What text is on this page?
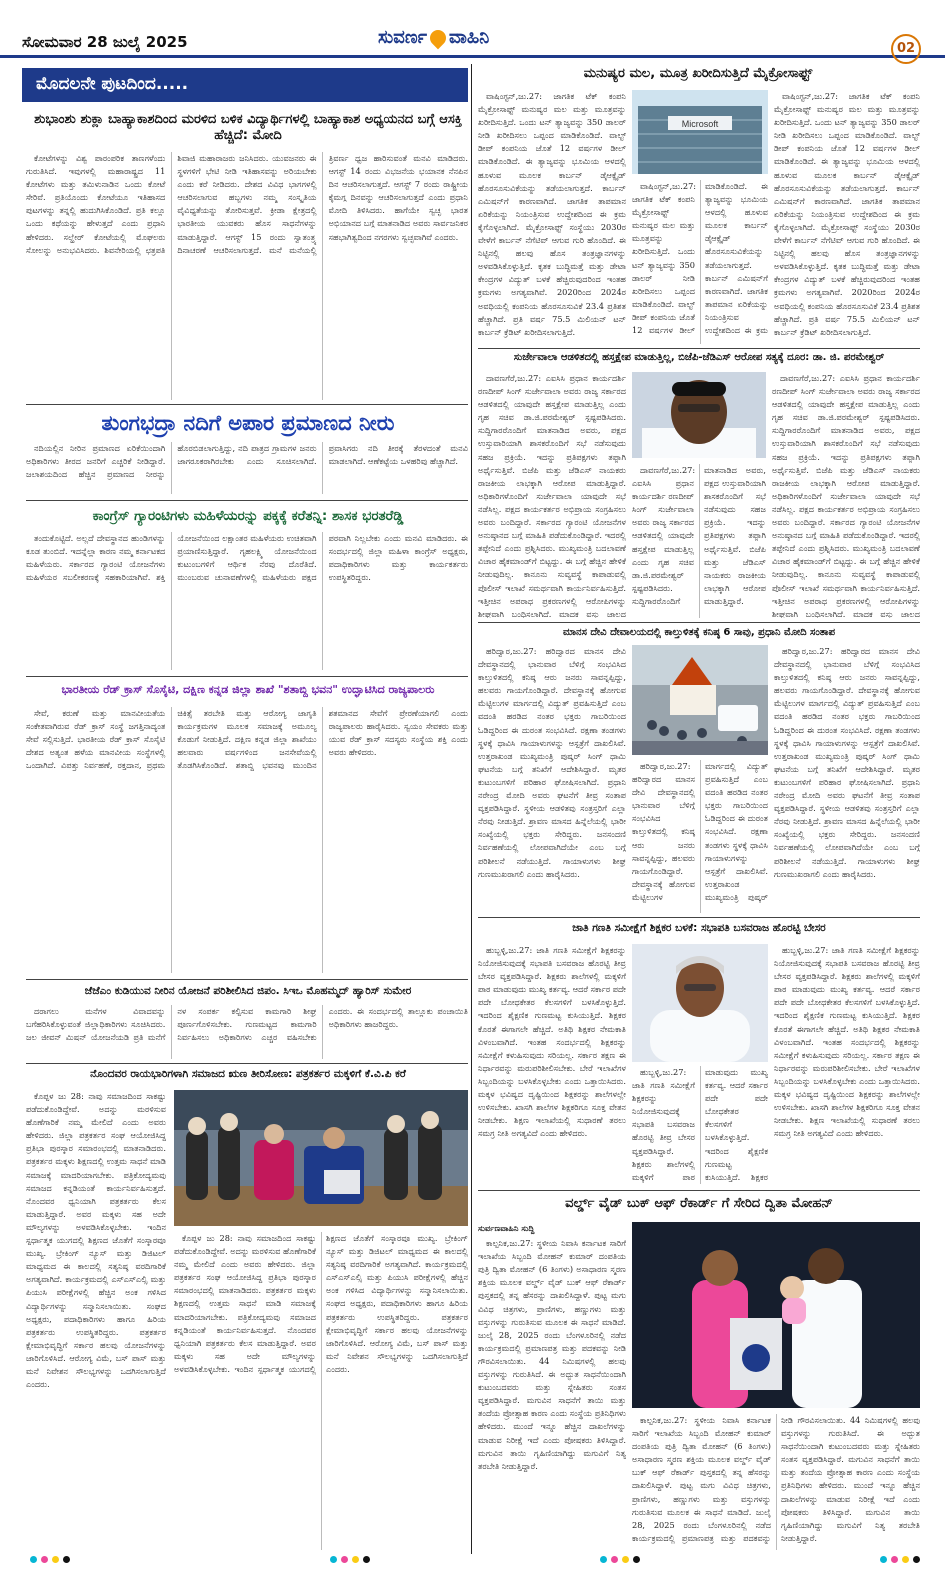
ಸೋಮವಾರ 28 ಜುಲೈ 2025	ಸುವರ್ಣ ವಾಹಿನಿ
02
ಮೊದಲನೇ ಪುಟದಿಂದ.....
ಶುಭಾಂಶು ಶುಕ್ಲಾ ಬಾಹ್ಯಾಕಾಶದಿಂದ ಮರಳಿದ ಬಳಿಕ ವಿದ್ಯಾರ್ಥಿಗಳಲ್ಲಿ ಬಾಹ್ಯಾಕಾಶ ಅಧ್ಯಯನದ ಬಗ್ಗೆ ಆಸಕ್ತಿ ಹೆಚ್ಚಿದೆ: ಮೋದಿ

ಕೋಟೆಗಳನ್ನು ವಿಶ್ವ ಪಾರಂಪರಿಕ ತಾಣಗಳೆಂದು ಗುರುತಿಸಿದೆ. ಇವುಗಳಲ್ಲಿ ಮಹಾರಾಷ್ಟ್ರದ 11 ಕೋಟೆಗಳು ಮತ್ತು ತಮಿಳುನಾಡಿನ ಒಂದು ಕೋಟೆ ಸೇರಿವೆ. ಪ್ರತಿಯೊಂದು ಕೋಟೆಯೂ ಇತಿಹಾಸದ ಪುಟಗಳನ್ನು ತನ್ನಲ್ಲಿ ಹುದುಗಿಸಿಕೊಂಡಿದೆ. ಪ್ರತಿ ಕಲ್ಲೂ ಒಂದು ಕಥೆಯನ್ನು ಹೇಳುತ್ತದೆ ಎಂದು ಪ್ರಧಾನಿ ಹೇಳಿದರು. ಸಲ್ಹೇರ್ ಕೋಟೆಯಲ್ಲಿ ಮೊಘಲರು ಸೋಲನ್ನು ಅನುಭವಿಸಿದರು. ಶಿವನೇರಿಯಲ್ಲಿ ಛತ್ರಪತಿ ಶಿವಾಜಿ ಮಹಾರಾಜರು ಜನಿಸಿದರು. ಯುವಜನರು ಈ ಸ್ಥಳಗಳಿಗೆ ಭೇಟಿ ನೀಡಿ ಇತಿಹಾಸವನ್ನು ಅರಿಯಬೇಕು ಎಂದು ಕರೆ ನೀಡಿದರು. ದೇಶದ ವಿವಿಧ ಭಾಗಗಳಲ್ಲಿ ಆಚರಿಸಲಾಗುವ ಹಬ್ಬಗಳು ನಮ್ಮ ಸಂಸ್ಕೃತಿಯ ವೈವಿಧ್ಯತೆಯನ್ನು ತೋರಿಸುತ್ತವೆ. ಕ್ರೀಡಾ ಕ್ಷೇತ್ರದಲ್ಲಿ ಭಾರತೀಯ ಯುವಕರು ಹೊಸ ಸಾಧನೆಗಳನ್ನು ಮಾಡುತ್ತಿದ್ದಾರೆ. ಆಗಸ್ಟ್ 15 ರಂದು ಸ್ವಾತಂತ್ರ್ಯ ದಿನಾಚರಣೆ ಆಚರಿಸಲಾಗುತ್ತದೆ. ಮನೆ ಮನೆಯಲ್ಲಿ ತ್ರಿವರ್ಣ ಧ್ವಜ ಹಾರಿಸುವಂತೆ ಮನವಿ ಮಾಡಿದರು. ಆಗಸ್ಟ್ 14 ರಂದು ವಿಭಜನೆಯ ಭಯಾನಕ ನೆನಪಿನ ದಿನ ಆಚರಿಸಲಾಗುತ್ತದೆ. ಆಗಸ್ಟ್ 7 ರಂದು ರಾಷ್ಟ್ರೀಯ ಕೈಮಗ್ಗ ದಿನವನ್ನು ಆಚರಿಸಲಾಗುತ್ತದೆ ಎಂದು ಪ್ರಧಾನಿ ಮೋದಿ ತಿಳಿಸಿದರು. ಹಾಗೆಯೇ ಸ್ವಚ್ಛ ಭಾರತ ಅಭಿಯಾನದ ಬಗ್ಗೆ ಮಾತನಾಡಿದ ಅವರು ಸಾರ್ವಜನಿಕರ ಸಹಭಾಗಿತ್ವದಿಂದ ನಗರಗಳು ಸ್ವಚ್ಛವಾಗಿವೆ ಎಂದರು.

ತುಂಗಭದ್ರಾ ನದಿಗೆ ಅಪಾರ ಪ್ರಮಾಣದ ನೀರು

ನದಿಯಲ್ಲಿನ ನೀರಿನ ಪ್ರಮಾಣದ ಏರಿಕೆಯಿಂದಾಗಿ ಅಧಿಕಾರಿಗಳು ತೀರದ ಜನರಿಗೆ ಎಚ್ಚರಿಕೆ ನೀಡಿದ್ದಾರೆ. ಜಲಾಶಯದಿಂದ ಹೆಚ್ಚಿನ ಪ್ರಮಾಣದ ನೀರನ್ನು ಹೊರಬಿಡಲಾಗುತ್ತಿದ್ದು, ನದಿ ಪಾತ್ರದ ಗ್ರಾಮಗಳ ಜನರು ಜಾಗರೂಕರಾಗಿರಬೇಕು ಎಂದು ಸೂಚಿಸಲಾಗಿದೆ. ಪ್ರವಾಸಿಗರು ನದಿ ತೀರಕ್ಕೆ ತೆರಳದಂತೆ ಮನವಿ ಮಾಡಲಾಗಿದೆ. ಆಣೆಕಟ್ಟೆಯ ಒಳಹರಿವು ಹೆಚ್ಚಾಗಿದೆ.

ಕಾಂಗ್ರೆಸ್ ಗ್ಯಾರಂಟಿಗಳು ಮಹಿಳೆಯರನ್ನು ಪಕ್ಕಕ್ಕೆ ಕರೆತನ್ನಿ: ಶಾಸಕ ಭರತರೆಡ್ಡಿ

ತಂದುಕೊಟ್ಟಿದೆ. ಅಲ್ಲದೆ ದೇವಸ್ಥಾನದ ಹುಂಡಿಗಳನ್ನು ಕೂಡ ತುಂಬಿದೆ. ಇದನ್ನೆಲ್ಲಾ ಕಾರಣ ನಮ್ಮ ಕರ್ನಾಟಕದ ಮಹಿಳೆಯರು. ಸರ್ಕಾರದ ಗ್ಯಾರಂಟಿ ಯೋಜನೆಗಳು ಮಹಿಳೆಯರ ಸಬಲೀಕರಣಕ್ಕೆ ಸಹಕಾರಿಯಾಗಿವೆ. ಶಕ್ತಿ ಯೋಜನೆಯಿಂದ ಲಕ್ಷಾಂತರ ಮಹಿಳೆಯರು ಉಚಿತವಾಗಿ ಪ್ರಯಾಣಿಸುತ್ತಿದ್ದಾರೆ. ಗೃಹಲಕ್ಷ್ಮಿ ಯೋಜನೆಯಿಂದ ಕುಟುಂಬಗಳಿಗೆ ಆರ್ಥಿಕ ನೆರವು ದೊರೆತಿದೆ. ಮುಂಬರುವ ಚುನಾವಣೆಗಳಲ್ಲಿ ಮಹಿಳೆಯರು ಪಕ್ಷದ ಪರವಾಗಿ ನಿಲ್ಲಬೇಕು ಎಂದು ಮನವಿ ಮಾಡಿದರು. ಈ ಸಂದರ್ಭದಲ್ಲಿ ಜಿಲ್ಲಾ ಮಹಿಳಾ ಕಾಂಗ್ರೆಸ್ ಅಧ್ಯಕ್ಷರು, ಪದಾಧಿಕಾರಿಗಳು ಮತ್ತು ಕಾರ್ಯಕರ್ತರು ಉಪಸ್ಥಿತರಿದ್ದರು.

ಭಾರತೀಯ ರೆಡ್ ಕ್ರಾಸ್ ಸೊಸೈಟಿ, ದಕ್ಷಿಣ ಕನ್ನಡ ಜಿಲ್ಲಾ ಶಾಖೆ "ಶತಾಬ್ದಿ ಭವನ" ಉದ್ಘಾಟಿಸಿದ ರಾಜ್ಯಪಾಲರು

ಸೇವೆ, ಕರುಣೆ ಮತ್ತು ಮಾನವೀಯತೆಯ ಸಂಕೇತವಾಗಿರುವ ರೆಡ್ ಕ್ರಾಸ್ ಸಂಸ್ಥೆ ಜಗತ್ತಿನಾದ್ಯಂತ ಸೇವೆ ಸಲ್ಲಿಸುತ್ತಿದೆ. ಭಾರತೀಯ ರೆಡ್ ಕ್ರಾಸ್ ಸೊಸೈಟಿ ದೇಶದ ಅತ್ಯಂತ ಹಳೆಯ ಮಾನವೀಯ ಸಂಸ್ಥೆಗಳಲ್ಲಿ ಒಂದಾಗಿದೆ. ವಿಪತ್ತು ನಿರ್ವಹಣೆ, ರಕ್ತದಾನ, ಪ್ರಥಮ ಚಿಕಿತ್ಸೆ ತರಬೇತಿ ಮತ್ತು ಆರೋಗ್ಯ ಜಾಗೃತಿ ಕಾರ್ಯಕ್ರಮಗಳ ಮೂಲಕ ಸಮಾಜಕ್ಕೆ ಅಮೂಲ್ಯ ಕೊಡುಗೆ ನೀಡುತ್ತಿದೆ. ದಕ್ಷಿಣ ಕನ್ನಡ ಜಿಲ್ಲಾ ಶಾಖೆಯು ಹಲವಾರು ವರ್ಷಗಳಿಂದ ಜನಸೇವೆಯಲ್ಲಿ ತೊಡಗಿಸಿಕೊಂಡಿದೆ. ಶತಾಬ್ದಿ ಭವನವು ಮುಂದಿನ ಶತಮಾನದ ಸೇವೆಗೆ ಪ್ರೇರಣೆಯಾಗಲಿ ಎಂದು ರಾಜ್ಯಪಾಲರು ಹಾರೈಸಿದರು. ಸ್ವಯಂ ಸೇವಕರು ಮತ್ತು ಯುವ ರೆಡ್ ಕ್ರಾಸ್ ಸದಸ್ಯರು ಸಂಸ್ಥೆಯ ಶಕ್ತಿ ಎಂದು ಅವರು ಹೇಳಿದರು.

ಜೆಜೆಎಂ ಕುಡಿಯುವ ನೀರಿನ ಯೋಜನೆ ಪರಿಶೀಲಿಸಿದ ಜಿಪಂ. ಸಿಇಒ ಮೊಹಮ್ಮದ್ ಹ್ಯಾರಿಸ್ ಸುಮೇರ

ದರಾಗಲು ಮನೆಗಳ ವಿವಾದವನ್ನು ಬಗೆಹರಿಸಿಕೊಳ್ಳುವಂತೆ ಜಿಲ್ಲಾಧಿಕಾರಿಗಳು ಸೂಚಿಸಿದರು. ಜಲ ಜೀವನ್ ಮಿಷನ್ ಯೋಜನೆಯಡಿ ಪ್ರತಿ ಮನೆಗೆ ನಳ ಸಂಪರ್ಕ ಕಲ್ಪಿಸುವ ಕಾಮಗಾರಿ ಶೀಘ್ರ ಪೂರ್ಣಗೊಳಿಸಬೇಕು. ಗುಣಮಟ್ಟದ ಕಾಮಗಾರಿ ನಿರ್ವಹಿಸಲು ಅಧಿಕಾರಿಗಳು ಎಚ್ಚರ ವಹಿಸಬೇಕು ಎಂದರು. ಈ ಸಂದರ್ಭದಲ್ಲಿ ತಾಲ್ಲೂಕು ಪಂಚಾಯಿತಿ ಅಧಿಕಾರಿಗಳು ಹಾಜರಿದ್ದರು.

ನೊಂದವರ ರಾಯಭಾರಿಗಳಾಗಿ ಸಮಾಜದ ಋಣ ತೀರಿಸೋಣ: ಪತ್ರಕರ್ತರ ಮಕ್ಕಳಿಗೆ ಕೆ.ವಿ.ಪಿ ಕರೆ

ಕೊಪ್ಪಳ ಜು 28: ನಾವು ಸಮಾಜದಿಂದ ಸಾಕಷ್ಟು ಪಡೆದುಕೊಂಡಿದ್ದೇವೆ. ಅದನ್ನು ಮರಳಿಸುವ ಹೊಣೆಗಾರಿಕೆ ನಮ್ಮ ಮೇಲಿದೆ ಎಂದು ಅವರು ಹೇಳಿದರು. ಜಿಲ್ಲಾ ಪತ್ರಕರ್ತರ ಸಂಘ ಆಯೋಜಿಸಿದ್ದ ಪ್ರತಿಭಾ ಪುರಸ್ಕಾರ ಸಮಾರಂಭದಲ್ಲಿ ಮಾತನಾಡಿದರು. ಪತ್ರಕರ್ತರ ಮಕ್ಕಳು ಶಿಕ್ಷಣದಲ್ಲಿ ಉತ್ತಮ ಸಾಧನೆ ಮಾಡಿ ಸಮಾಜಕ್ಕೆ ಮಾದರಿಯಾಗಬೇಕು. ಪತ್ರಿಕೋದ್ಯಮವು ಸಮಾಜದ ಕನ್ನಡಿಯಂತೆ ಕಾರ್ಯನಿರ್ವಹಿಸುತ್ತದೆ. ನೊಂದವರ ಧ್ವನಿಯಾಗಿ ಪತ್ರಕರ್ತರು ಕೆಲಸ ಮಾಡುತ್ತಿದ್ದಾರೆ. ಅವರ ಮಕ್ಕಳು ಸಹ ಅದೇ ಮೌಲ್ಯಗಳನ್ನು ಅಳವಡಿಸಿಕೊಳ್ಳಬೇಕು. ಇಂದಿನ ಸ್ಪರ್ಧಾತ್ಮಕ ಯುಗದಲ್ಲಿ ಶಿಕ್ಷಣದ ಜೊತೆಗೆ ಸಂಸ್ಕಾರವೂ ಮುಖ್ಯ. ಬ್ರೇಕಿಂಗ್ ನ್ಯೂಸ್ ಮತ್ತು ಡಿಜಿಟಲ್ ಮಾಧ್ಯಮದ ಈ ಕಾಲದಲ್ಲಿ ಸತ್ಯನಿಷ್ಠ ವರದಿಗಾರಿಕೆ ಅಗತ್ಯವಾಗಿದೆ. ಕಾರ್ಯಕ್ರಮದಲ್ಲಿ ಎಸ್ಎಸ್ಎಲ್ಸಿ ಮತ್ತು ಪಿಯುಸಿ ಪರೀಕ್ಷೆಗಳಲ್ಲಿ ಹೆಚ್ಚಿನ ಅಂಕ ಗಳಿಸಿದ ವಿದ್ಯಾರ್ಥಿಗಳನ್ನು ಸನ್ಮಾನಿಸಲಾಯಿತು. ಸಂಘದ ಅಧ್ಯಕ್ಷರು, ಪದಾಧಿಕಾರಿಗಳು ಹಾಗೂ ಹಿರಿಯ ಪತ್ರಕರ್ತರು ಉಪಸ್ಥಿತರಿದ್ದರು. ಪತ್ರಕರ್ತರ ಕ್ಷೇಮಾಭಿವೃದ್ಧಿಗೆ ಸರ್ಕಾರ ಹಲವು ಯೋಜನೆಗಳನ್ನು ಜಾರಿಗೊಳಿಸಿದೆ. ಆರೋಗ್ಯ ವಿಮೆ, ಬಸ್ ಪಾಸ್ ಮತ್ತು ಮನೆ ನಿವೇಶನ ಸೌಲಭ್ಯಗಳನ್ನು ಒದಗಿಸಲಾಗುತ್ತಿದೆ ಎಂದರು.

ಕೊಪ್ಪಳ ಜು 28: ನಾವು ಸಮಾಜದಿಂದ ಸಾಕಷ್ಟು ಪಡೆದುಕೊಂಡಿದ್ದೇವೆ. ಅದನ್ನು ಮರಳಿಸುವ ಹೊಣೆಗಾರಿಕೆ ನಮ್ಮ ಮೇಲಿದೆ ಎಂದು ಅವರು ಹೇಳಿದರು. ಜಿಲ್ಲಾ ಪತ್ರಕರ್ತರ ಸಂಘ ಆಯೋಜಿಸಿದ್ದ ಪ್ರತಿಭಾ ಪುರಸ್ಕಾರ ಸಮಾರಂಭದಲ್ಲಿ ಮಾತನಾಡಿದರು. ಪತ್ರಕರ್ತರ ಮಕ್ಕಳು ಶಿಕ್ಷಣದಲ್ಲಿ ಉತ್ತಮ ಸಾಧನೆ ಮಾಡಿ ಸಮಾಜಕ್ಕೆ ಮಾದರಿಯಾಗಬೇಕು. ಪತ್ರಿಕೋದ್ಯಮವು ಸಮಾಜದ ಕನ್ನಡಿಯಂತೆ ಕಾರ್ಯನಿರ್ವಹಿಸುತ್ತದೆ. ನೊಂದವರ ಧ್ವನಿಯಾಗಿ ಪತ್ರಕರ್ತರು ಕೆಲಸ ಮಾಡುತ್ತಿದ್ದಾರೆ. ಅವರ ಮಕ್ಕಳು ಸಹ ಅದೇ ಮೌಲ್ಯಗಳನ್ನು ಅಳವಡಿಸಿಕೊಳ್ಳಬೇಕು. ಇಂದಿನ ಸ್ಪರ್ಧಾತ್ಮಕ ಯುಗದಲ್ಲಿ ಶಿಕ್ಷಣದ ಜೊತೆಗೆ ಸಂಸ್ಕಾರವೂ ಮುಖ್ಯ. ಬ್ರೇಕಿಂಗ್ ನ್ಯೂಸ್ ಮತ್ತು ಡಿಜಿಟಲ್ ಮಾಧ್ಯಮದ ಈ ಕಾಲದಲ್ಲಿ ಸತ್ಯನಿಷ್ಠ ವರದಿಗಾರಿಕೆ ಅಗತ್ಯವಾಗಿದೆ. ಕಾರ್ಯಕ್ರಮದಲ್ಲಿ ಎಸ್ಎಸ್ಎಲ್ಸಿ ಮತ್ತು ಪಿಯುಸಿ ಪರೀಕ್ಷೆಗಳಲ್ಲಿ ಹೆಚ್ಚಿನ ಅಂಕ ಗಳಿಸಿದ ವಿದ್ಯಾರ್ಥಿಗಳನ್ನು ಸನ್ಮಾನಿಸಲಾಯಿತು. ಸಂಘದ ಅಧ್ಯಕ್ಷರು, ಪದಾಧಿಕಾರಿಗಳು ಹಾಗೂ ಹಿರಿಯ ಪತ್ರಕರ್ತರು ಉಪಸ್ಥಿತರಿದ್ದರು. ಪತ್ರಕರ್ತರ ಕ್ಷೇಮಾಭಿವೃದ್ಧಿಗೆ ಸರ್ಕಾರ ಹಲವು ಯೋಜನೆಗಳನ್ನು ಜಾರಿಗೊಳಿಸಿದೆ. ಆರೋಗ್ಯ ವಿಮೆ, ಬಸ್ ಪಾಸ್ ಮತ್ತು ಮನೆ ನಿವೇಶನ ಸೌಲಭ್ಯಗಳನ್ನು ಒದಗಿಸಲಾಗುತ್ತಿದೆ ಎಂದರು.

ಮನುಷ್ಯರ ಮಲ, ಮೂತ್ರ ಖರೀದಿಸುತ್ತಿದೆ ಮೈಕ್ರೋಸಾಫ್ಟ್

ವಾಷಿಂಗ್ಟನ್,ಜು.27: ಜಾಗತಿಕ ಟೆಕ್ ಕಂಪನಿ ಮೈಕ್ರೋಸಾಫ್ಟ್ ಮನುಷ್ಯರ ಮಲ ಮತ್ತು ಮೂತ್ರವನ್ನು ಖರೀದಿಸುತ್ತಿದೆ. ಒಂದು ಟನ್ ತ್ಯಾಜ್ಯವನ್ನು 350 ಡಾಲರ್ ನೀಡಿ ಖರೀದಿಸಲು ಒಪ್ಪಂದ ಮಾಡಿಕೊಂಡಿದೆ. ವಾಲ್ಟ್ ಡೀಪ್ ಕಂಪನಿಯ ಜೊತೆ 12 ವರ್ಷಗಳ ಡೀಲ್ ಮಾಡಿಕೊಂಡಿದೆ. ಈ ತ್ಯಾಜ್ಯವನ್ನು ಭೂಮಿಯ ಆಳದಲ್ಲಿ ಹೂಳುವ ಮೂಲಕ ಕಾರ್ಬನ್ ಡೈಆಕ್ಸೈಡ್ ಹೊರಸೂಸುವಿಕೆಯನ್ನು ತಡೆಯಲಾಗುತ್ತದೆ. ಕಾರ್ಬನ್ ಎಮಿಷನ್‌ಗೆ ಕಾರಣವಾಗಿದೆ. ಜಾಗತಿಕ ತಾಪಮಾನ ಏರಿಕೆಯನ್ನು ನಿಯಂತ್ರಿಸುವ ಉದ್ದೇಶದಿಂದ ಈ ಕ್ರಮ ಕೈಗೊಳ್ಳಲಾಗಿದೆ. ಮೈಕ್ರೋಸಾಫ್ಟ್ ಸಂಸ್ಥೆಯು 2030ರ ವೇಳೆಗೆ ಕಾರ್ಬನ್ ನೆಗೆಟಿವ್ ಆಗುವ ಗುರಿ ಹೊಂದಿದೆ. ಈ ನಿಟ್ಟಿನಲ್ಲಿ ಹಲವು ಹೊಸ ತಂತ್ರಜ್ಞಾನಗಳನ್ನು ಅಳವಡಿಸಿಕೊಳ್ಳುತ್ತಿದೆ. ಕೃತಕ ಬುದ್ಧಿಮತ್ತೆ ಮತ್ತು ಡೇಟಾ ಕೇಂದ್ರಗಳ ವಿದ್ಯುತ್ ಬಳಕೆ ಹೆಚ್ಚಿರುವುದರಿಂದ ಇಂತಹ ಕ್ರಮಗಳು ಅಗತ್ಯವಾಗಿವೆ. 2020ರಿಂದ 2024ರ ಅವಧಿಯಲ್ಲಿ ಕಂಪನಿಯ ಹೊರಸೂಸುವಿಕೆ 23.4 ಪ್ರತಿಶತ ಹೆಚ್ಚಾಗಿದೆ. ಪ್ರತಿ ವರ್ಷ 75.5 ಮಿಲಿಯನ್ ಟನ್ ಕಾರ್ಬನ್ ಕ್ರೆಡಿಟ್ ಖರೀದಿಸಲಾಗುತ್ತಿದೆ.

Microsoft

ವಾಷಿಂಗ್ಟನ್,ಜು.27: ಜಾಗತಿಕ ಟೆಕ್ ಕಂಪನಿ ಮೈಕ್ರೋಸಾಫ್ಟ್ ಮನುಷ್ಯರ ಮಲ ಮತ್ತು ಮೂತ್ರವನ್ನು ಖರೀದಿಸುತ್ತಿದೆ. ಒಂದು ಟನ್ ತ್ಯಾಜ್ಯವನ್ನು 350 ಡಾಲರ್ ನೀಡಿ ಖರೀದಿಸಲು ಒಪ್ಪಂದ ಮಾಡಿಕೊಂಡಿದೆ. ವಾಲ್ಟ್ ಡೀಪ್ ಕಂಪನಿಯ ಜೊತೆ 12 ವರ್ಷಗಳ ಡೀಲ್ ಮಾಡಿಕೊಂಡಿದೆ. ಈ ತ್ಯಾಜ್ಯವನ್ನು ಭೂಮಿಯ ಆಳದಲ್ಲಿ ಹೂಳುವ ಮೂಲಕ ಕಾರ್ಬನ್ ಡೈಆಕ್ಸೈಡ್ ಹೊರಸೂಸುವಿಕೆಯನ್ನು ತಡೆಯಲಾಗುತ್ತದೆ. ಕಾರ್ಬನ್ ಎಮಿಷನ್‌ಗೆ ಕಾರಣವಾಗಿದೆ. ಜಾಗತಿಕ ತಾಪಮಾನ ಏರಿಕೆಯನ್ನು ನಿಯಂತ್ರಿಸುವ ಉದ್ದೇಶದಿಂದ ಈ ಕ್ರಮ

ವಾಷಿಂಗ್ಟನ್,ಜು.27: ಜಾಗತಿಕ ಟೆಕ್ ಕಂಪನಿ ಮೈಕ್ರೋಸಾಫ್ಟ್ ಮನುಷ್ಯರ ಮಲ ಮತ್ತು ಮೂತ್ರವನ್ನು ಖರೀದಿಸುತ್ತಿದೆ. ಒಂದು ಟನ್ ತ್ಯಾಜ್ಯವನ್ನು 350 ಡಾಲರ್ ನೀಡಿ ಖರೀದಿಸಲು ಒಪ್ಪಂದ ಮಾಡಿಕೊಂಡಿದೆ. ವಾಲ್ಟ್ ಡೀಪ್ ಕಂಪನಿಯ ಜೊತೆ 12 ವರ್ಷಗಳ ಡೀಲ್ ಮಾಡಿಕೊಂಡಿದೆ. ಈ ತ್ಯಾಜ್ಯವನ್ನು ಭೂಮಿಯ ಆಳದಲ್ಲಿ ಹೂಳುವ ಮೂಲಕ ಕಾರ್ಬನ್ ಡೈಆಕ್ಸೈಡ್ ಹೊರಸೂಸುವಿಕೆಯನ್ನು ತಡೆಯಲಾಗುತ್ತದೆ. ಕಾರ್ಬನ್ ಎಮಿಷನ್‌ಗೆ ಕಾರಣವಾಗಿದೆ. ಜಾಗತಿಕ ತಾಪಮಾನ ಏರಿಕೆಯನ್ನು ನಿಯಂತ್ರಿಸುವ ಉದ್ದೇಶದಿಂದ ಈ ಕ್ರಮ ಕೈಗೊಳ್ಳಲಾಗಿದೆ. ಮೈಕ್ರೋಸಾಫ್ಟ್ ಸಂಸ್ಥೆಯು 2030ರ ವೇಳೆಗೆ ಕಾರ್ಬನ್ ನೆಗೆಟಿವ್ ಆಗುವ ಗುರಿ ಹೊಂದಿದೆ. ಈ ನಿಟ್ಟಿನಲ್ಲಿ ಹಲವು ಹೊಸ ತಂತ್ರಜ್ಞಾನಗಳನ್ನು ಅಳವಡಿಸಿಕೊಳ್ಳುತ್ತಿದೆ. ಕೃತಕ ಬುದ್ಧಿಮತ್ತೆ ಮತ್ತು ಡೇಟಾ ಕೇಂದ್ರಗಳ ವಿದ್ಯುತ್ ಬಳಕೆ ಹೆಚ್ಚಿರುವುದರಿಂದ ಇಂತಹ ಕ್ರಮಗಳು ಅಗತ್ಯವಾಗಿವೆ. 2020ರಿಂದ 2024ರ ಅವಧಿಯಲ್ಲಿ ಕಂಪನಿಯ ಹೊರಸೂಸುವಿಕೆ 23.4 ಪ್ರತಿಶತ ಹೆಚ್ಚಾಗಿದೆ. ಪ್ರತಿ ವರ್ಷ 75.5 ಮಿಲಿಯನ್ ಟನ್ ಕಾರ್ಬನ್ ಕ್ರೆಡಿಟ್ ಖರೀದಿಸಲಾಗುತ್ತಿದೆ.

ಸುರ್ಜೇವಾಲಾ ಆಡಳಿತದಲ್ಲಿ ಹಸ್ತಕ್ಷೇಪ ಮಾಡುತ್ತಿಲ್ಲ, ಬಿಜೆಪಿ-ಜೆಡಿಎಸ್ ಆರೋಪ ಸತ್ಯಕ್ಕೆ ದೂರ: ಡಾ. ಜಿ. ಪರಮೇಶ್ವರ್

ದಾವಣಗೆರೆ,ಜು.27: ಎಐಸಿಸಿ ಪ್ರಧಾನ ಕಾರ್ಯದರ್ಶಿ ರಣದೀಪ್ ಸಿಂಗ್ ಸುರ್ಜೇವಾಲಾ ಅವರು ರಾಜ್ಯ ಸರ್ಕಾರದ ಆಡಳಿತದಲ್ಲಿ ಯಾವುದೇ ಹಸ್ತಕ್ಷೇಪ ಮಾಡುತ್ತಿಲ್ಲ ಎಂದು ಗೃಹ ಸಚಿವ ಡಾ.ಜಿ.ಪರಮೇಶ್ವರ್ ಸ್ಪಷ್ಟಪಡಿಸಿದರು. ಸುದ್ದಿಗಾರರೊಂದಿಗೆ ಮಾತನಾಡಿದ ಅವರು, ಪಕ್ಷದ ಉಸ್ತುವಾರಿಯಾಗಿ ಶಾಸಕರೊಂದಿಗೆ ಸಭೆ ನಡೆಸುವುದು ಸಹಜ ಪ್ರಕ್ರಿಯೆ. ಇದನ್ನು ಪ್ರತಿಪಕ್ಷಗಳು ತಪ್ಪಾಗಿ ಅರ್ಥೈಸುತ್ತಿವೆ. ಬಿಜೆಪಿ ಮತ್ತು ಜೆಡಿಎಸ್ ನಾಯಕರು ರಾಜಕೀಯ ಲಾಭಕ್ಕಾಗಿ ಆರೋಪ ಮಾಡುತ್ತಿದ್ದಾರೆ. ಅಧಿಕಾರಿಗಳೊಂದಿಗೆ ಸುರ್ಜೇವಾಲಾ ಯಾವುದೇ ಸಭೆ ನಡೆಸಿಲ್ಲ. ಪಕ್ಷದ ಕಾರ್ಯಕರ್ತರ ಅಭಿಪ್ರಾಯ ಸಂಗ್ರಹಿಸಲು ಅವರು ಬಂದಿದ್ದಾರೆ. ಸರ್ಕಾರದ ಗ್ಯಾರಂಟಿ ಯೋಜನೆಗಳ ಅನುಷ್ಠಾನದ ಬಗ್ಗೆ ಮಾಹಿತಿ ಪಡೆದುಕೊಂಡಿದ್ದಾರೆ. ಇದರಲ್ಲಿ ತಪ್ಪೇನಿದೆ ಎಂದು ಪ್ರಶ್ನಿಸಿದರು. ಮುಖ್ಯಮಂತ್ರಿ ಬದಲಾವಣೆ ವಿಚಾರ ಹೈಕಮಾಂಡ್‌ಗೆ ಬಿಟ್ಟದ್ದು. ಈ ಬಗ್ಗೆ ಹೆಚ್ಚಿನ ಹೇಳಿಕೆ ನೀಡುವುದಿಲ್ಲ. ಕಾನೂನು ಸುವ್ಯವಸ್ಥೆ ಕಾಪಾಡುವಲ್ಲಿ ಪೊಲೀಸ್ ಇಲಾಖೆ ಸಮರ್ಥವಾಗಿ ಕಾರ್ಯನಿರ್ವಹಿಸುತ್ತಿದೆ. ಇತ್ತೀಚಿನ ಅಪರಾಧ ಪ್ರಕರಣಗಳಲ್ಲಿ ಆರೋಪಿಗಳನ್ನು ಶೀಘ್ರವಾಗಿ ಬಂಧಿಸಲಾಗಿದೆ. ಮಾದಕ ವಸ್ತು ಜಾಲದ

ದಾವಣಗೆರೆ,ಜು.27: ಎಐಸಿಸಿ ಪ್ರಧಾನ ಕಾರ್ಯದರ್ಶಿ ರಣದೀಪ್ ಸಿಂಗ್ ಸುರ್ಜೇವಾಲಾ ಅವರು ರಾಜ್ಯ ಸರ್ಕಾರದ ಆಡಳಿತದಲ್ಲಿ ಯಾವುದೇ ಹಸ್ತಕ್ಷೇಪ ಮಾಡುತ್ತಿಲ್ಲ ಎಂದು ಗೃಹ ಸಚಿವ ಡಾ.ಜಿ.ಪರಮೇಶ್ವರ್ ಸ್ಪಷ್ಟಪಡಿಸಿದರು. ಸುದ್ದಿಗಾರರೊಂದಿಗೆ ಮಾತನಾಡಿದ ಅವರು, ಪಕ್ಷದ ಉಸ್ತುವಾರಿಯಾಗಿ ಶಾಸಕರೊಂದಿಗೆ ಸಭೆ ನಡೆಸುವುದು ಸಹಜ ಪ್ರಕ್ರಿಯೆ. ಇದನ್ನು ಪ್ರತಿಪಕ್ಷಗಳು ತಪ್ಪಾಗಿ ಅರ್ಥೈಸುತ್ತಿವೆ. ಬಿಜೆಪಿ ಮತ್ತು ಜೆಡಿಎಸ್ ನಾಯಕರು ರಾಜಕೀಯ ಲಾಭಕ್ಕಾಗಿ ಆರೋಪ ಮಾಡುತ್ತಿದ್ದಾರೆ.

ದಾವಣಗೆರೆ,ಜು.27: ಎಐಸಿಸಿ ಪ್ರಧಾನ ಕಾರ್ಯದರ್ಶಿ ರಣದೀಪ್ ಸಿಂಗ್ ಸುರ್ಜೇವಾಲಾ ಅವರು ರಾಜ್ಯ ಸರ್ಕಾರದ ಆಡಳಿತದಲ್ಲಿ ಯಾವುದೇ ಹಸ್ತಕ್ಷೇಪ ಮಾಡುತ್ತಿಲ್ಲ ಎಂದು ಗೃಹ ಸಚಿವ ಡಾ.ಜಿ.ಪರಮೇಶ್ವರ್ ಸ್ಪಷ್ಟಪಡಿಸಿದರು. ಸುದ್ದಿಗಾರರೊಂದಿಗೆ ಮಾತನಾಡಿದ ಅವರು, ಪಕ್ಷದ ಉಸ್ತುವಾರಿಯಾಗಿ ಶಾಸಕರೊಂದಿಗೆ ಸಭೆ ನಡೆಸುವುದು ಸಹಜ ಪ್ರಕ್ರಿಯೆ. ಇದನ್ನು ಪ್ರತಿಪಕ್ಷಗಳು ತಪ್ಪಾಗಿ ಅರ್ಥೈಸುತ್ತಿವೆ. ಬಿಜೆಪಿ ಮತ್ತು ಜೆಡಿಎಸ್ ನಾಯಕರು ರಾಜಕೀಯ ಲಾಭಕ್ಕಾಗಿ ಆರೋಪ ಮಾಡುತ್ತಿದ್ದಾರೆ. ಅಧಿಕಾರಿಗಳೊಂದಿಗೆ ಸುರ್ಜೇವಾಲಾ ಯಾವುದೇ ಸಭೆ ನಡೆಸಿಲ್ಲ. ಪಕ್ಷದ ಕಾರ್ಯಕರ್ತರ ಅಭಿಪ್ರಾಯ ಸಂಗ್ರಹಿಸಲು ಅವರು ಬಂದಿದ್ದಾರೆ. ಸರ್ಕಾರದ ಗ್ಯಾರಂಟಿ ಯೋಜನೆಗಳ ಅನುಷ್ಠಾನದ ಬಗ್ಗೆ ಮಾಹಿತಿ ಪಡೆದುಕೊಂಡಿದ್ದಾರೆ. ಇದರಲ್ಲಿ ತಪ್ಪೇನಿದೆ ಎಂದು ಪ್ರಶ್ನಿಸಿದರು. ಮುಖ್ಯಮಂತ್ರಿ ಬದಲಾವಣೆ ವಿಚಾರ ಹೈಕಮಾಂಡ್‌ಗೆ ಬಿಟ್ಟದ್ದು. ಈ ಬಗ್ಗೆ ಹೆಚ್ಚಿನ ಹೇಳಿಕೆ ನೀಡುವುದಿಲ್ಲ. ಕಾನೂನು ಸುವ್ಯವಸ್ಥೆ ಕಾಪಾಡುವಲ್ಲಿ ಪೊಲೀಸ್ ಇಲಾಖೆ ಸಮರ್ಥವಾಗಿ ಕಾರ್ಯನಿರ್ವಹಿಸುತ್ತಿದೆ. ಇತ್ತೀಚಿನ ಅಪರಾಧ ಪ್ರಕರಣಗಳಲ್ಲಿ ಆರೋಪಿಗಳನ್ನು ಶೀಘ್ರವಾಗಿ ಬಂಧಿಸಲಾಗಿದೆ. ಮಾದಕ ವಸ್ತು ಜಾಲದ

ಮಾನಸ ದೇವಿ ದೇವಾಲಯದಲ್ಲಿ ಕಾಲ್ತುಳಿತಕ್ಕೆ ಕನಿಷ್ಠ 6 ಸಾವು, ಪ್ರಧಾನಿ ಮೋದಿ ಸಂತಾಪ

ಹರಿದ್ವಾರ,ಜು.27: ಹರಿದ್ವಾರದ ಮಾನಸ ದೇವಿ ದೇವಸ್ಥಾನದಲ್ಲಿ ಭಾನುವಾರ ಬೆಳಿಗ್ಗೆ ಸಂಭವಿಸಿದ ಕಾಲ್ತುಳಿತದಲ್ಲಿ ಕನಿಷ್ಠ ಆರು ಜನರು ಸಾವನ್ನಪ್ಪಿದ್ದು, ಹಲವರು ಗಾಯಗೊಂಡಿದ್ದಾರೆ. ದೇವಸ್ಥಾನಕ್ಕೆ ಹೋಗುವ ಮೆಟ್ಟಿಲುಗಳ ಮಾರ್ಗದಲ್ಲಿ ವಿದ್ಯುತ್ ಪ್ರವಹಿಸುತ್ತಿದೆ ಎಂಬ ವದಂತಿ ಹರಡಿದ ನಂತರ ಭಕ್ತರು ಗಾಬರಿಯಿಂದ ಓಡಿದ್ದರಿಂದ ಈ ದುರಂತ ಸಂಭವಿಸಿದೆ. ರಕ್ಷಣಾ ತಂಡಗಳು ಸ್ಥಳಕ್ಕೆ ಧಾವಿಸಿ ಗಾಯಾಳುಗಳನ್ನು ಆಸ್ಪತ್ರೆಗೆ ದಾಖಲಿಸಿವೆ. ಉತ್ತರಾಖಂಡ ಮುಖ್ಯಮಂತ್ರಿ ಪುಷ್ಕರ್ ಸಿಂಗ್ ಧಾಮಿ ಘಟನೆಯ ಬಗ್ಗೆ ತನಿಖೆಗೆ ಆದೇಶಿಸಿದ್ದಾರೆ. ಮೃತರ ಕುಟುಂಬಗಳಿಗೆ ಪರಿಹಾರ ಘೋಷಿಸಲಾಗಿದೆ. ಪ್ರಧಾನಿ ನರೇಂದ್ರ ಮೋದಿ ಅವರು ಘಟನೆಗೆ ತೀವ್ರ ಸಂತಾಪ ವ್ಯಕ್ತಪಡಿಸಿದ್ದಾರೆ. ಸ್ಥಳೀಯ ಆಡಳಿತವು ಸಂತ್ರಸ್ತರಿಗೆ ಎಲ್ಲಾ ನೆರವು ನೀಡುತ್ತಿದೆ. ಶ್ರಾವಣ ಮಾಸದ ಹಿನ್ನೆಲೆಯಲ್ಲಿ ಭಾರೀ ಸಂಖ್ಯೆಯಲ್ಲಿ ಭಕ್ತರು ಸೇರಿದ್ದರು. ಜನಸಂದಣಿ ನಿರ್ವಹಣೆಯಲ್ಲಿ ಲೋಪವಾಗಿದೆಯೇ ಎಂಬ ಬಗ್ಗೆ ಪರಿಶೀಲನೆ ನಡೆಯುತ್ತಿದೆ. ಗಾಯಾಳುಗಳು ಶೀಘ್ರ ಗುಣಮುಖರಾಗಲಿ ಎಂದು ಹಾರೈಸಿದರು.

ಹರಿದ್ವಾರ,ಜು.27: ಹರಿದ್ವಾರದ ಮಾನಸ ದೇವಿ ದೇವಸ್ಥಾನದಲ್ಲಿ ಭಾನುವಾರ ಬೆಳಿಗ್ಗೆ ಸಂಭವಿಸಿದ ಕಾಲ್ತುಳಿತದಲ್ಲಿ ಕನಿಷ್ಠ ಆರು ಜನರು ಸಾವನ್ನಪ್ಪಿದ್ದು, ಹಲವರು ಗಾಯಗೊಂಡಿದ್ದಾರೆ. ದೇವಸ್ಥಾನಕ್ಕೆ ಹೋಗುವ ಮೆಟ್ಟಿಲುಗಳ ಮಾರ್ಗದಲ್ಲಿ ವಿದ್ಯುತ್ ಪ್ರವಹಿಸುತ್ತಿದೆ ಎಂಬ ವದಂತಿ ಹರಡಿದ ನಂತರ ಭಕ್ತರು ಗಾಬರಿಯಿಂದ ಓಡಿದ್ದರಿಂದ ಈ ದುರಂತ ಸಂಭವಿಸಿದೆ. ರಕ್ಷಣಾ ತಂಡಗಳು ಸ್ಥಳಕ್ಕೆ ಧಾವಿಸಿ ಗಾಯಾಳುಗಳನ್ನು ಆಸ್ಪತ್ರೆಗೆ ದಾಖಲಿಸಿವೆ. ಉತ್ತರಾಖಂಡ ಮುಖ್ಯಮಂತ್ರಿ ಪುಷ್ಕರ್

ಹರಿದ್ವಾರ,ಜು.27: ಹರಿದ್ವಾರದ ಮಾನಸ ದೇವಿ ದೇವಸ್ಥಾನದಲ್ಲಿ ಭಾನುವಾರ ಬೆಳಿಗ್ಗೆ ಸಂಭವಿಸಿದ ಕಾಲ್ತುಳಿತದಲ್ಲಿ ಕನಿಷ್ಠ ಆರು ಜನರು ಸಾವನ್ನಪ್ಪಿದ್ದು, ಹಲವರು ಗಾಯಗೊಂಡಿದ್ದಾರೆ. ದೇವಸ್ಥಾನಕ್ಕೆ ಹೋಗುವ ಮೆಟ್ಟಿಲುಗಳ ಮಾರ್ಗದಲ್ಲಿ ವಿದ್ಯುತ್ ಪ್ರವಹಿಸುತ್ತಿದೆ ಎಂಬ ವದಂತಿ ಹರಡಿದ ನಂತರ ಭಕ್ತರು ಗಾಬರಿಯಿಂದ ಓಡಿದ್ದರಿಂದ ಈ ದುರಂತ ಸಂಭವಿಸಿದೆ. ರಕ್ಷಣಾ ತಂಡಗಳು ಸ್ಥಳಕ್ಕೆ ಧಾವಿಸಿ ಗಾಯಾಳುಗಳನ್ನು ಆಸ್ಪತ್ರೆಗೆ ದಾಖಲಿಸಿವೆ. ಉತ್ತರಾಖಂಡ ಮುಖ್ಯಮಂತ್ರಿ ಪುಷ್ಕರ್ ಸಿಂಗ್ ಧಾಮಿ ಘಟನೆಯ ಬಗ್ಗೆ ತನಿಖೆಗೆ ಆದೇಶಿಸಿದ್ದಾರೆ. ಮೃತರ ಕುಟುಂಬಗಳಿಗೆ ಪರಿಹಾರ ಘೋಷಿಸಲಾಗಿದೆ. ಪ್ರಧಾನಿ ನರೇಂದ್ರ ಮೋದಿ ಅವರು ಘಟನೆಗೆ ತೀವ್ರ ಸಂತಾಪ ವ್ಯಕ್ತಪಡಿಸಿದ್ದಾರೆ. ಸ್ಥಳೀಯ ಆಡಳಿತವು ಸಂತ್ರಸ್ತರಿಗೆ ಎಲ್ಲಾ ನೆರವು ನೀಡುತ್ತಿದೆ. ಶ್ರಾವಣ ಮಾಸದ ಹಿನ್ನೆಲೆಯಲ್ಲಿ ಭಾರೀ ಸಂಖ್ಯೆಯಲ್ಲಿ ಭಕ್ತರು ಸೇರಿದ್ದರು. ಜನಸಂದಣಿ ನಿರ್ವಹಣೆಯಲ್ಲಿ ಲೋಪವಾಗಿದೆಯೇ ಎಂಬ ಬಗ್ಗೆ ಪರಿಶೀಲನೆ ನಡೆಯುತ್ತಿದೆ. ಗಾಯಾಳುಗಳು ಶೀಘ್ರ ಗುಣಮುಖರಾಗಲಿ ಎಂದು ಹಾರೈಸಿದರು.

ಜಾತಿ ಗಣತಿ ಸಮೀಕ್ಷೆಗೆ ಶಿಕ್ಷಕರ ಬಳಕೆ: ಸಭಾಪತಿ ಬಸವರಾಜ ಹೊರಟ್ಟಿ ಬೇಸರ

ಹುಬ್ಬಳ್ಳಿ,ಜು.27: ಜಾತಿ ಗಣತಿ ಸಮೀಕ್ಷೆಗೆ ಶಿಕ್ಷಕರನ್ನು ನಿಯೋಜಿಸುವುದಕ್ಕೆ ಸಭಾಪತಿ ಬಸವರಾಜ ಹೊರಟ್ಟಿ ತೀವ್ರ ಬೇಸರ ವ್ಯಕ್ತಪಡಿಸಿದ್ದಾರೆ. ಶಿಕ್ಷಕರು ಶಾಲೆಗಳಲ್ಲಿ ಮಕ್ಕಳಿಗೆ ಪಾಠ ಮಾಡುವುದು ಮುಖ್ಯ ಕರ್ತವ್ಯ. ಆದರೆ ಸರ್ಕಾರ ಪದೇ ಪದೇ ಬೋಧಕೇತರ ಕೆಲಸಗಳಿಗೆ ಬಳಸಿಕೊಳ್ಳುತ್ತಿದೆ. ಇದರಿಂದ ಶೈಕ್ಷಣಿಕ ಗುಣಮಟ್ಟ ಕುಸಿಯುತ್ತಿದೆ. ಶಿಕ್ಷಕರ ಕೊರತೆ ಈಗಾಗಲೇ ಹೆಚ್ಚಿದೆ. ಅತಿಥಿ ಶಿಕ್ಷಕರ ನೇಮಕಾತಿ ವಿಳಂಬವಾಗಿದೆ. ಇಂತಹ ಸಂದರ್ಭದಲ್ಲಿ ಶಿಕ್ಷಕರನ್ನು ಸಮೀಕ್ಷೆಗೆ ಕಳುಹಿಸುವುದು ಸರಿಯಲ್ಲ. ಸರ್ಕಾರ ತಕ್ಷಣ ಈ ನಿರ್ಧಾರವನ್ನು ಮರುಪರಿಶೀಲಿಸಬೇಕು. ಬೇರೆ ಇಲಾಖೆಗಳ ಸಿಬ್ಬಂದಿಯನ್ನು ಬಳಸಿಕೊಳ್ಳಬೇಕು ಎಂದು ಒತ್ತಾಯಿಸಿದರು. ಮಕ್ಕಳ ಭವಿಷ್ಯದ ದೃಷ್ಟಿಯಿಂದ ಶಿಕ್ಷಕರನ್ನು ಶಾಲೆಗಳಲ್ಲೇ ಉಳಿಸಬೇಕು. ಖಾಸಗಿ ಶಾಲೆಗಳ ಶಿಕ್ಷಕರಿಗೂ ಸೂಕ್ತ ವೇತನ ನೀಡಬೇಕು. ಶಿಕ್ಷಣ ಇಲಾಖೆಯಲ್ಲಿ ಸುಧಾರಣೆ ತರಲು ಸಮಗ್ರ ನೀತಿ ಅಗತ್ಯವಿದೆ ಎಂದು ಹೇಳಿದರು.

ಹುಬ್ಬಳ್ಳಿ,ಜು.27: ಜಾತಿ ಗಣತಿ ಸಮೀಕ್ಷೆಗೆ ಶಿಕ್ಷಕರನ್ನು ನಿಯೋಜಿಸುವುದಕ್ಕೆ ಸಭಾಪತಿ ಬಸವರಾಜ ಹೊರಟ್ಟಿ ತೀವ್ರ ಬೇಸರ ವ್ಯಕ್ತಪಡಿಸಿದ್ದಾರೆ. ಶಿಕ್ಷಕರು ಶಾಲೆಗಳಲ್ಲಿ ಮಕ್ಕಳಿಗೆ ಪಾಠ ಮಾಡುವುದು ಮುಖ್ಯ ಕರ್ತವ್ಯ. ಆದರೆ ಸರ್ಕಾರ ಪದೇ ಪದೇ ಬೋಧಕೇತರ ಕೆಲಸಗಳಿಗೆ ಬಳಸಿಕೊಳ್ಳುತ್ತಿದೆ. ಇದರಿಂದ ಶೈಕ್ಷಣಿಕ ಗುಣಮಟ್ಟ ಕುಸಿಯುತ್ತಿದೆ. ಶಿಕ್ಷಕರ

ಹುಬ್ಬಳ್ಳಿ,ಜು.27: ಜಾತಿ ಗಣತಿ ಸಮೀಕ್ಷೆಗೆ ಶಿಕ್ಷಕರನ್ನು ನಿಯೋಜಿಸುವುದಕ್ಕೆ ಸಭಾಪತಿ ಬಸವರಾಜ ಹೊರಟ್ಟಿ ತೀವ್ರ ಬೇಸರ ವ್ಯಕ್ತಪಡಿಸಿದ್ದಾರೆ. ಶಿಕ್ಷಕರು ಶಾಲೆಗಳಲ್ಲಿ ಮಕ್ಕಳಿಗೆ ಪಾಠ ಮಾಡುವುದು ಮುಖ್ಯ ಕರ್ತವ್ಯ. ಆದರೆ ಸರ್ಕಾರ ಪದೇ ಪದೇ ಬೋಧಕೇತರ ಕೆಲಸಗಳಿಗೆ ಬಳಸಿಕೊಳ್ಳುತ್ತಿದೆ. ಇದರಿಂದ ಶೈಕ್ಷಣಿಕ ಗುಣಮಟ್ಟ ಕುಸಿಯುತ್ತಿದೆ. ಶಿಕ್ಷಕರ ಕೊರತೆ ಈಗಾಗಲೇ ಹೆಚ್ಚಿದೆ. ಅತಿಥಿ ಶಿಕ್ಷಕರ ನೇಮಕಾತಿ ವಿಳಂಬವಾಗಿದೆ. ಇಂತಹ ಸಂದರ್ಭದಲ್ಲಿ ಶಿಕ್ಷಕರನ್ನು ಸಮೀಕ್ಷೆಗೆ ಕಳುಹಿಸುವುದು ಸರಿಯಲ್ಲ. ಸರ್ಕಾರ ತಕ್ಷಣ ಈ ನಿರ್ಧಾರವನ್ನು ಮರುಪರಿಶೀಲಿಸಬೇಕು. ಬೇರೆ ಇಲಾಖೆಗಳ ಸಿಬ್ಬಂದಿಯನ್ನು ಬಳಸಿಕೊಳ್ಳಬೇಕು ಎಂದು ಒತ್ತಾಯಿಸಿದರು. ಮಕ್ಕಳ ಭವಿಷ್ಯದ ದೃಷ್ಟಿಯಿಂದ ಶಿಕ್ಷಕರನ್ನು ಶಾಲೆಗಳಲ್ಲೇ ಉಳಿಸಬೇಕು. ಖಾಸಗಿ ಶಾಲೆಗಳ ಶಿಕ್ಷಕರಿಗೂ ಸೂಕ್ತ ವೇತನ ನೀಡಬೇಕು. ಶಿಕ್ಷಣ ಇಲಾಖೆಯಲ್ಲಿ ಸುಧಾರಣೆ ತರಲು ಸಮಗ್ರ ನೀತಿ ಅಗತ್ಯವಿದೆ ಎಂದು ಹೇಳಿದರು.

ವರ್ಲ್ಡ್ ವೈಡ್ ಬುಕ್ ಆಫ್ ರೆಕಾರ್ಡ್ ಗೆ ಸೇರಿದ ದ್ವಿತಾ ಮೋಹನ್

ಸುರ್ವಣವಾಹಿನಿ ಸುದ್ದಿ

ಕಾಲ್ಪನಿಕ,ಜು.27: ಸ್ಥಳೀಯ ನಿವಾಸಿ ಕರ್ನಾಟಕ ಸಾರಿಗೆ ಇಲಾಖೆಯ ಸಿಬ್ಬಂದಿ ಮೋಹನ್ ಕುಮಾರ್ ದಂಪತಿಯ ಪುತ್ರಿ ದ್ವಿತಾ ಮೋಹನ್ (6 ತಿಂಗಳು) ಅಸಾಧಾರಣ ಸ್ಮರಣ ಶಕ್ತಿಯ ಮೂಲಕ ವರ್ಲ್ಡ್ ವೈಡ್ ಬುಕ್ ಆಫ್ ರೆಕಾರ್ಡ್ ಪುಸ್ತಕದಲ್ಲಿ ತನ್ನ ಹೆಸರನ್ನು ದಾಖಲಿಸಿದ್ದಾಳೆ. ಪುಟ್ಟ ಮಗು ವಿವಿಧ ಚಿತ್ರಗಳು, ಪ್ರಾಣಿಗಳು, ಹಣ್ಣುಗಳು ಮತ್ತು ವಸ್ತುಗಳನ್ನು ಗುರುತಿಸುವ ಮೂಲಕ ಈ ಸಾಧನೆ ಮಾಡಿದೆ. ಜುಲೈ 28, 2025 ರಂದು ಬೆಂಗಳೂರಿನಲ್ಲಿ ನಡೆದ ಕಾರ್ಯಕ್ರಮದಲ್ಲಿ ಪ್ರಮಾಣಪತ್ರ ಮತ್ತು ಪದಕವನ್ನು ನೀಡಿ ಗೌರವಿಸಲಾಯಿತು. 44 ನಿಮಿಷಗಳಲ್ಲಿ ಹಲವು ವಸ್ತುಗಳನ್ನು ಗುರುತಿಸಿದೆ. ಈ ಅದ್ಭುತ ಸಾಧನೆಯಿಂದಾಗಿ ಕುಟುಂಬದವರು ಮತ್ತು ಸ್ನೇಹಿತರು ಸಂತಸ ವ್ಯಕ್ತಪಡಿಸಿದ್ದಾರೆ. ಮಗುವಿನ ಸಾಧನೆಗೆ ತಾಯಿ ಮತ್ತು ತಂದೆಯ ಪ್ರೋತ್ಸಾಹ ಕಾರಣ ಎಂದು ಸಂಸ್ಥೆಯ ಪ್ರತಿನಿಧಿಗಳು ಹೇಳಿದರು. ಮುಂದೆ ಇನ್ನೂ ಹೆಚ್ಚಿನ ದಾಖಲೆಗಳನ್ನು ಮಾಡುವ ನಿರೀಕ್ಷೆ ಇದೆ ಎಂದು ಪೋಷಕರು ತಿಳಿಸಿದ್ದಾರೆ. ಮಗುವಿನ ತಾಯಿ ಗೃಹಿಣಿಯಾಗಿದ್ದು ಮಗುವಿಗೆ ನಿತ್ಯ ತರಬೇತಿ ನೀಡುತ್ತಿದ್ದಾರೆ.

ಕಾಲ್ಪನಿಕ,ಜು.27: ಸ್ಥಳೀಯ ನಿವಾಸಿ ಕರ್ನಾಟಕ ಸಾರಿಗೆ ಇಲಾಖೆಯ ಸಿಬ್ಬಂದಿ ಮೋಹನ್ ಕುಮಾರ್ ದಂಪತಿಯ ಪುತ್ರಿ ದ್ವಿತಾ ಮೋಹನ್ (6 ತಿಂಗಳು) ಅಸಾಧಾರಣ ಸ್ಮರಣ ಶಕ್ತಿಯ ಮೂಲಕ ವರ್ಲ್ಡ್ ವೈಡ್ ಬುಕ್ ಆಫ್ ರೆಕಾರ್ಡ್ ಪುಸ್ತಕದಲ್ಲಿ ತನ್ನ ಹೆಸರನ್ನು ದಾಖಲಿಸಿದ್ದಾಳೆ. ಪುಟ್ಟ ಮಗು ವಿವಿಧ ಚಿತ್ರಗಳು, ಪ್ರಾಣಿಗಳು, ಹಣ್ಣುಗಳು ಮತ್ತು ವಸ್ತುಗಳನ್ನು ಗುರುತಿಸುವ ಮೂಲಕ ಈ ಸಾಧನೆ ಮಾಡಿದೆ. ಜುಲೈ 28, 2025 ರಂದು ಬೆಂಗಳೂರಿನಲ್ಲಿ ನಡೆದ ಕಾರ್ಯಕ್ರಮದಲ್ಲಿ ಪ್ರಮಾಣಪತ್ರ ಮತ್ತು ಪದಕವನ್ನು ನೀಡಿ ಗೌರವಿಸಲಾಯಿತು. 44 ನಿಮಿಷಗಳಲ್ಲಿ ಹಲವು ವಸ್ತುಗಳನ್ನು ಗುರುತಿಸಿದೆ. ಈ ಅದ್ಭುತ ಸಾಧನೆಯಿಂದಾಗಿ ಕುಟುಂಬದವರು ಮತ್ತು ಸ್ನೇಹಿತರು ಸಂತಸ ವ್ಯಕ್ತಪಡಿಸಿದ್ದಾರೆ. ಮಗುವಿನ ಸಾಧನೆಗೆ ತಾಯಿ ಮತ್ತು ತಂದೆಯ ಪ್ರೋತ್ಸಾಹ ಕಾರಣ ಎಂದು ಸಂಸ್ಥೆಯ ಪ್ರತಿನಿಧಿಗಳು ಹೇಳಿದರು. ಮುಂದೆ ಇನ್ನೂ ಹೆಚ್ಚಿನ ದಾಖಲೆಗಳನ್ನು ಮಾಡುವ ನಿರೀಕ್ಷೆ ಇದೆ ಎಂದು ಪೋಷಕರು ತಿಳಿಸಿದ್ದಾರೆ. ಮಗುವಿನ ತಾಯಿ ಗೃಹಿಣಿಯಾಗಿದ್ದು ಮಗುವಿಗೆ ನಿತ್ಯ ತರಬೇತಿ ನೀಡುತ್ತಿದ್ದಾರೆ.
